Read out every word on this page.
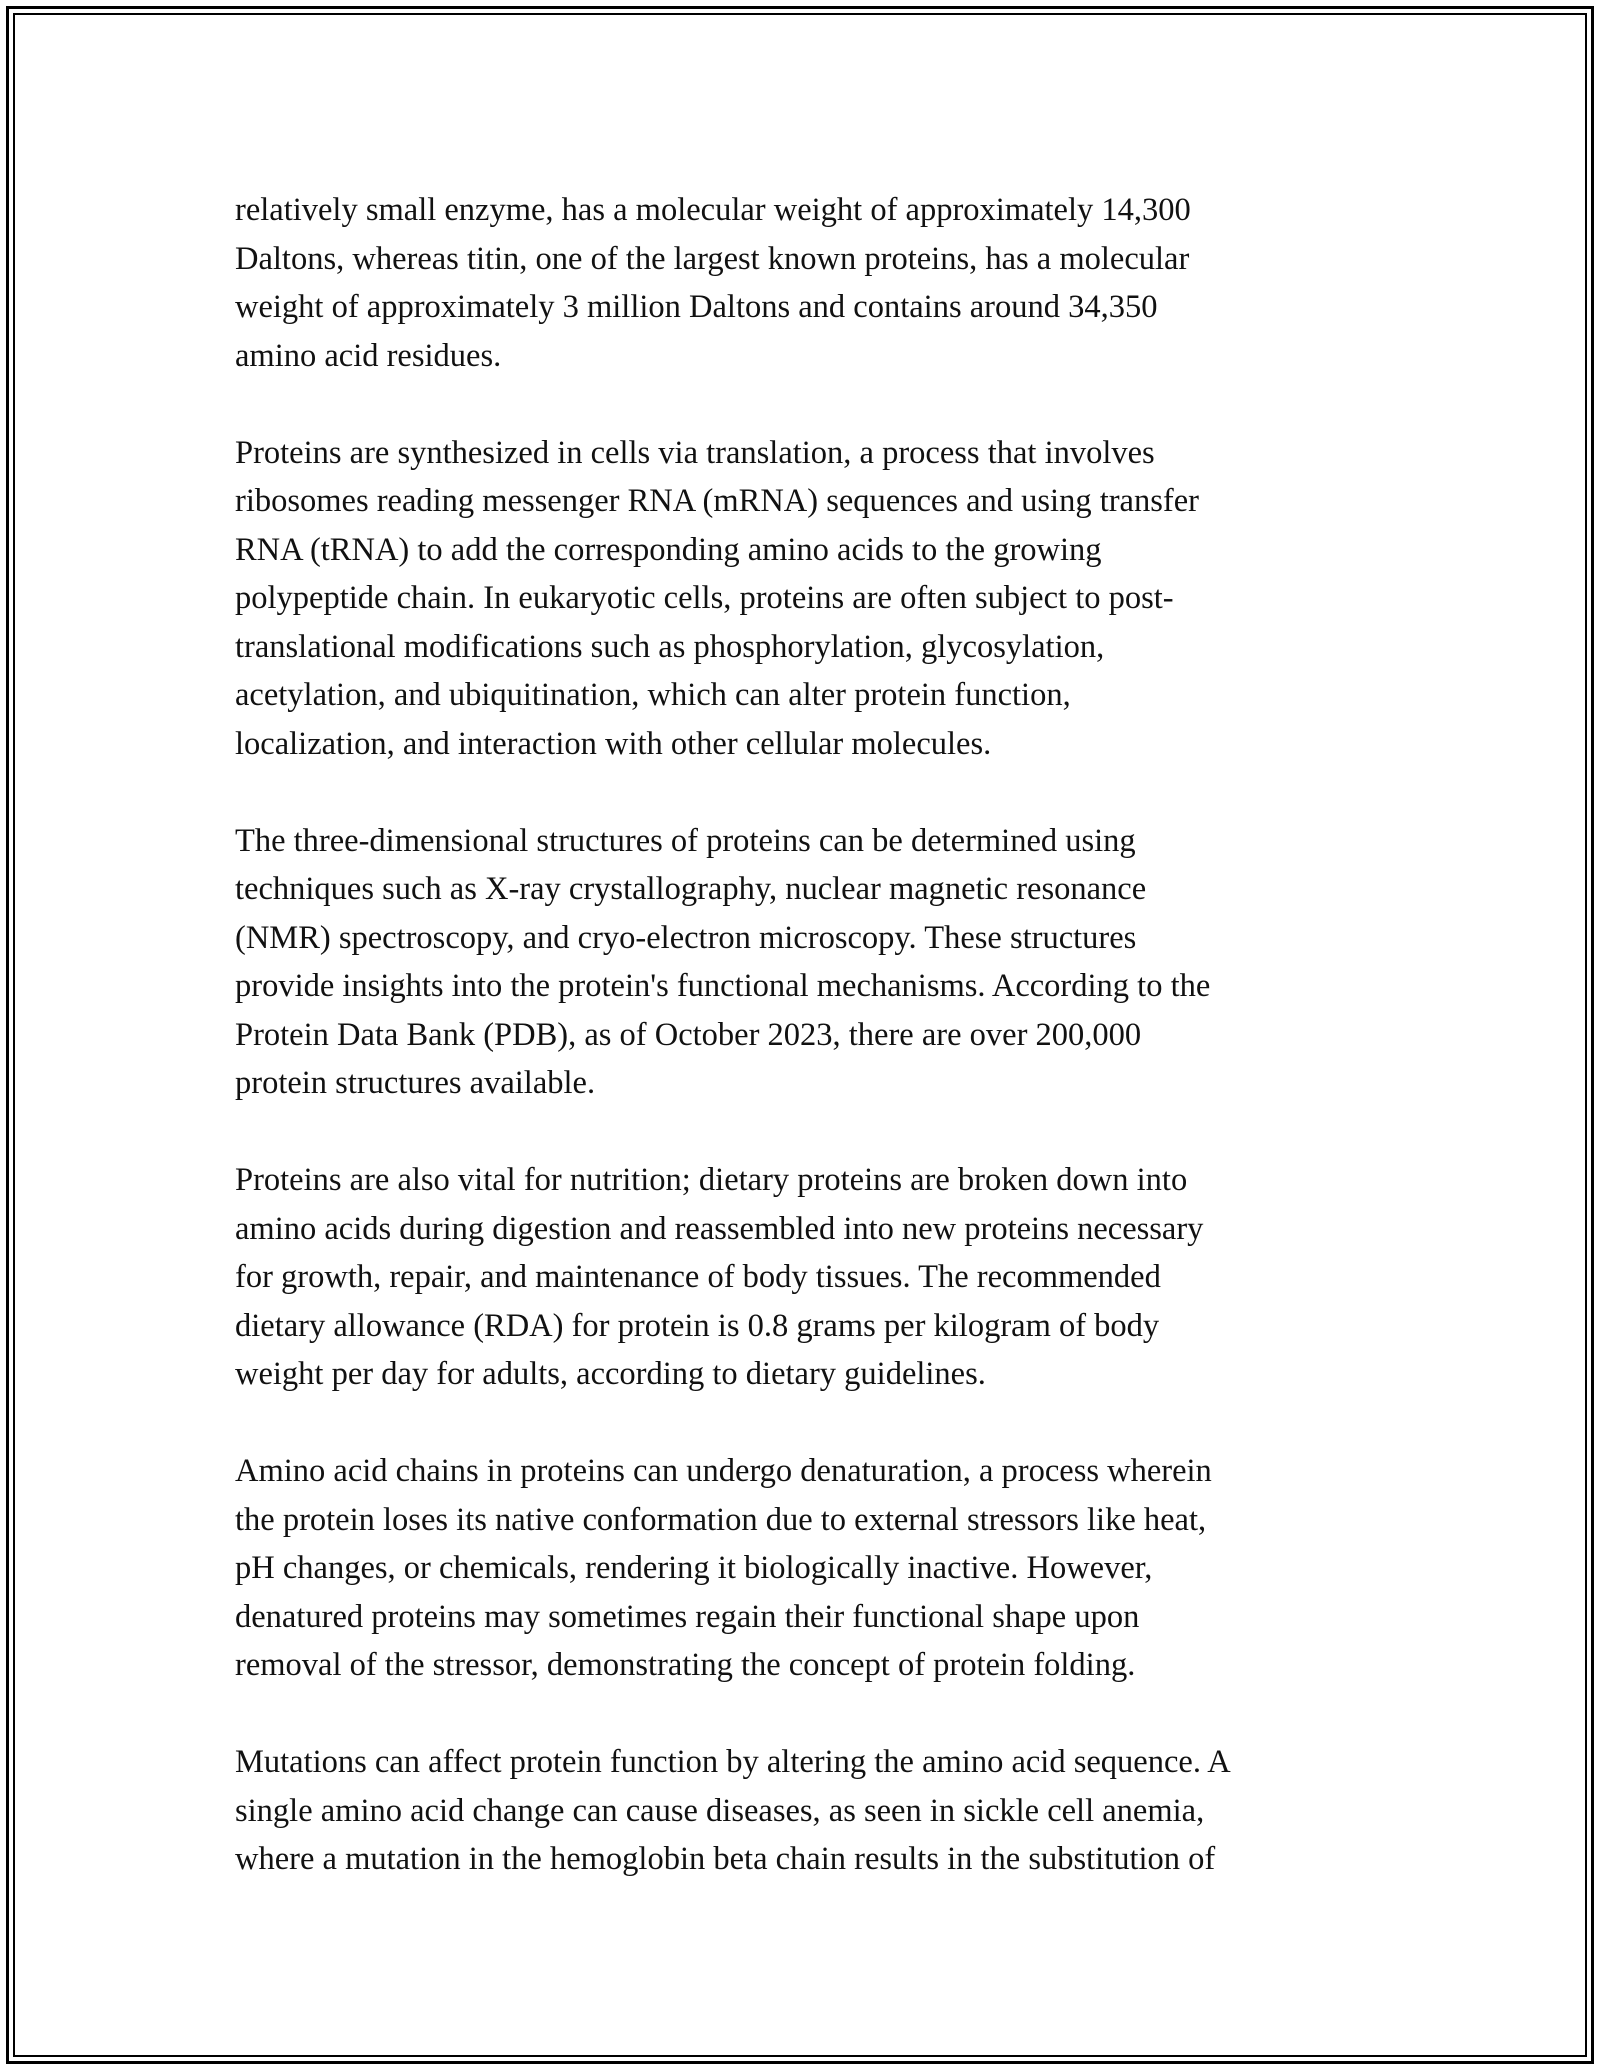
relatively small enzyme, has a molecular weight of approximately 14,300
Daltons, whereas titin, one of the largest known proteins, has a molecular
weight of approximately 3 million Daltons and contains around 34,350
amino acid residues.

Proteins are synthesized in cells via translation, a process that involves
ribosomes reading messenger RNA (mRNA) sequences and using transfer
RNA (tRNA) to add the corresponding amino acids to the growing
polypeptide chain. In eukaryotic cells, proteins are often subject to post-
translational modifications such as phosphorylation, glycosylation,
acetylation, and ubiquitination, which can alter protein function,
localization, and interaction with other cellular molecules.

The three-dimensional structures of proteins can be determined using
techniques such as X-ray crystallography, nuclear magnetic resonance
(NMR) spectroscopy, and cryo-electron microscopy. These structures
provide insights into the protein's functional mechanisms. According to the
Protein Data Bank (PDB), as of October 2023, there are over 200,000
protein structures available.

Proteins are also vital for nutrition; dietary proteins are broken down into
amino acids during digestion and reassembled into new proteins necessary
for growth, repair, and maintenance of body tissues. The recommended
dietary allowance (RDA) for protein is 0.8 grams per kilogram of body
weight per day for adults, according to dietary guidelines.

Amino acid chains in proteins can undergo denaturation, a process wherein
the protein loses its native conformation due to external stressors like heat,
pH changes, or chemicals, rendering it biologically inactive. However,
denatured proteins may sometimes regain their functional shape upon
removal of the stressor, demonstrating the concept of protein folding.

Mutations can affect protein function by altering the amino acid sequence. A
single amino acid change can cause diseases, as seen in sickle cell anemia,
where a mutation in the hemoglobin beta chain results in the substitution of
